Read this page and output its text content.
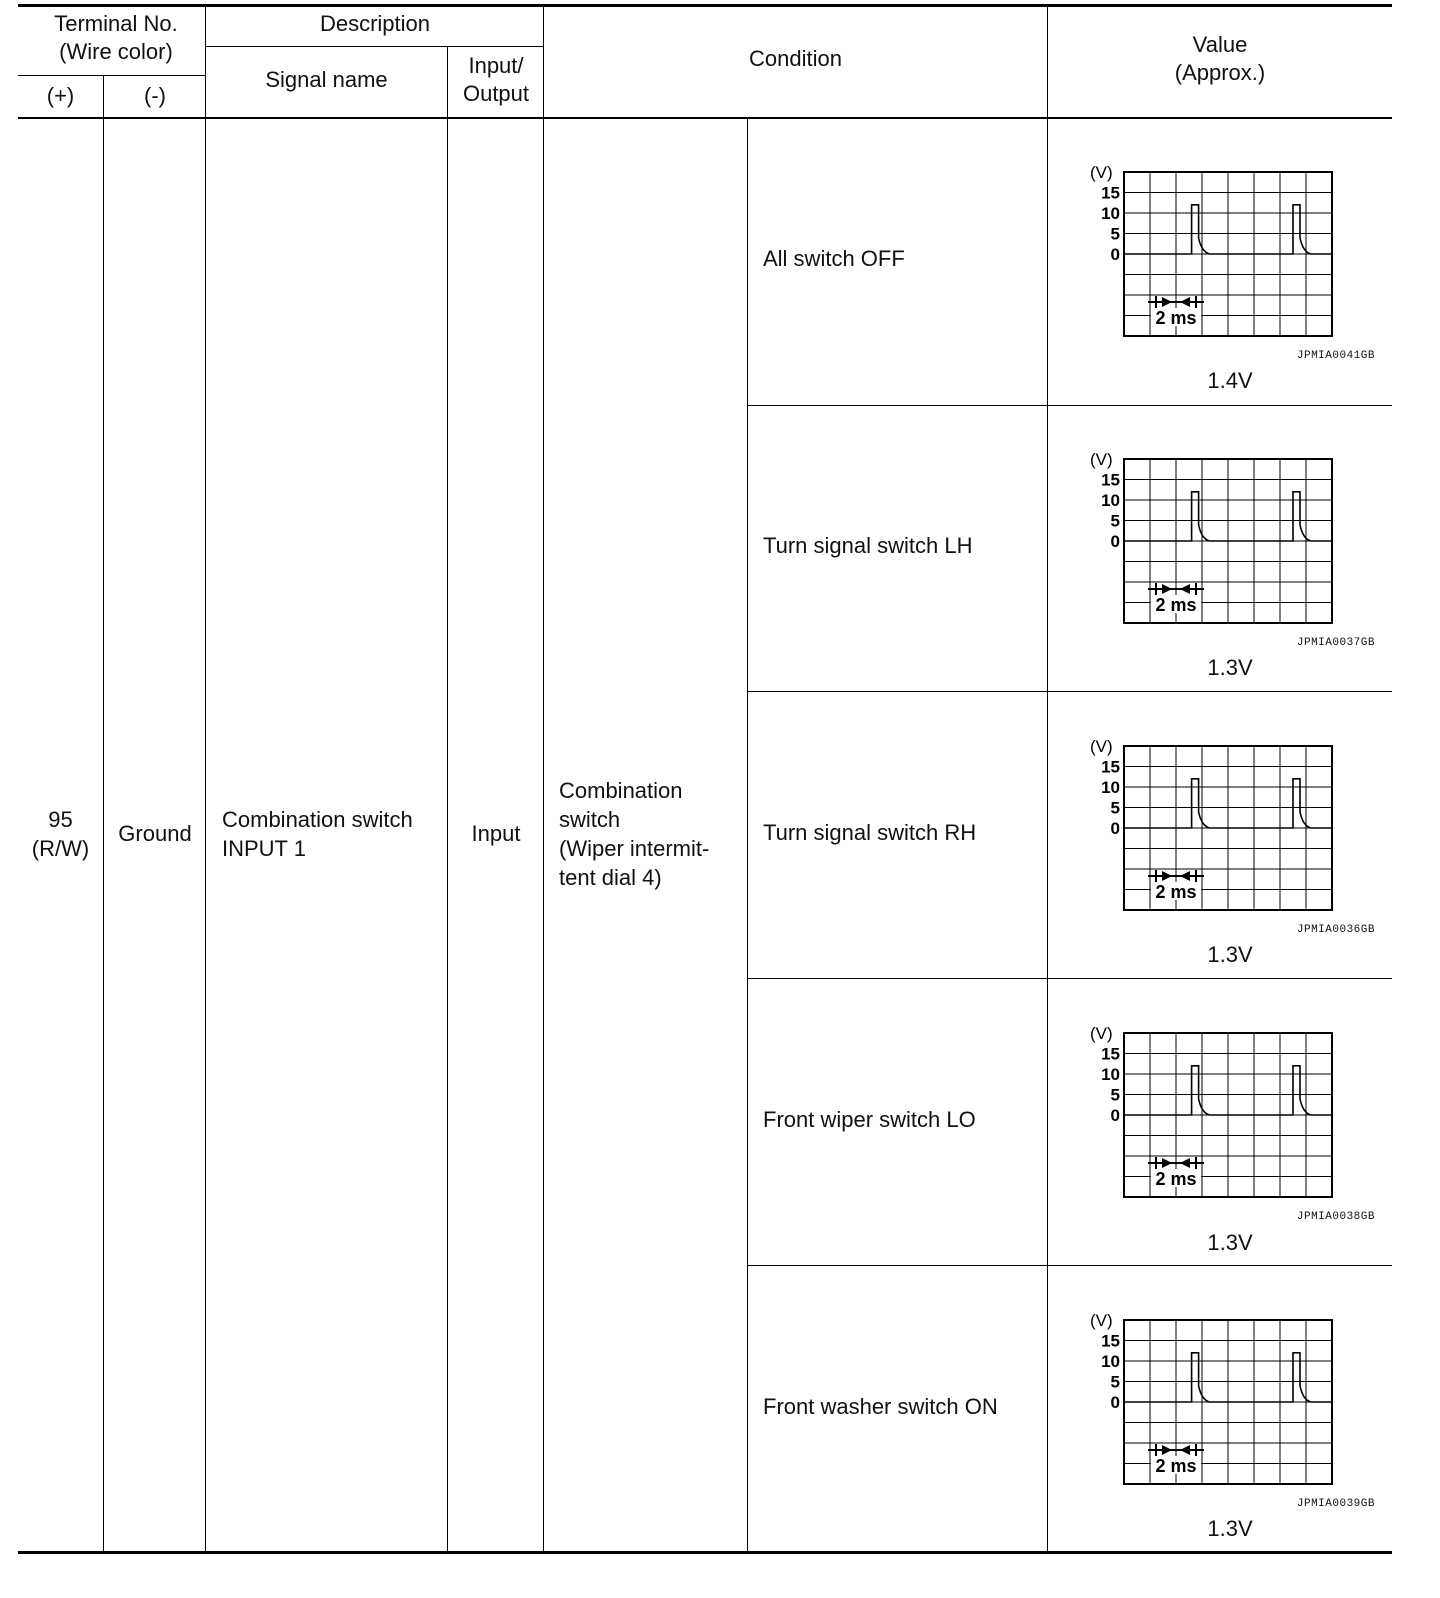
Terminal No.
(Wire color)
(+)	(-)
Description
Signal name
Input/
Output
Condition
Value
(Approx.)
95
(R/W)
Ground
Combination switch
INPUT 1
Input
Combination
switch
(Wiper intermit-
tent dial 4)
All switch OFF
(V)
15
10
5
0
2 ms
JPMIA0041GB
1.4V
Turn signal switch LH
(V)
15
10
5
0
2 ms
JPMIA0037GB
1.3V
Turn signal switch RH
(V)
15
10
5
0
2 ms
JPMIA0036GB
1.3V
Front wiper switch LO
(V)
15
10
5
0
2 ms
JPMIA0038GB
1.3V
Front washer switch ON
(V)
15
10
5
0
2 ms
JPMIA0039GB
1.3V
